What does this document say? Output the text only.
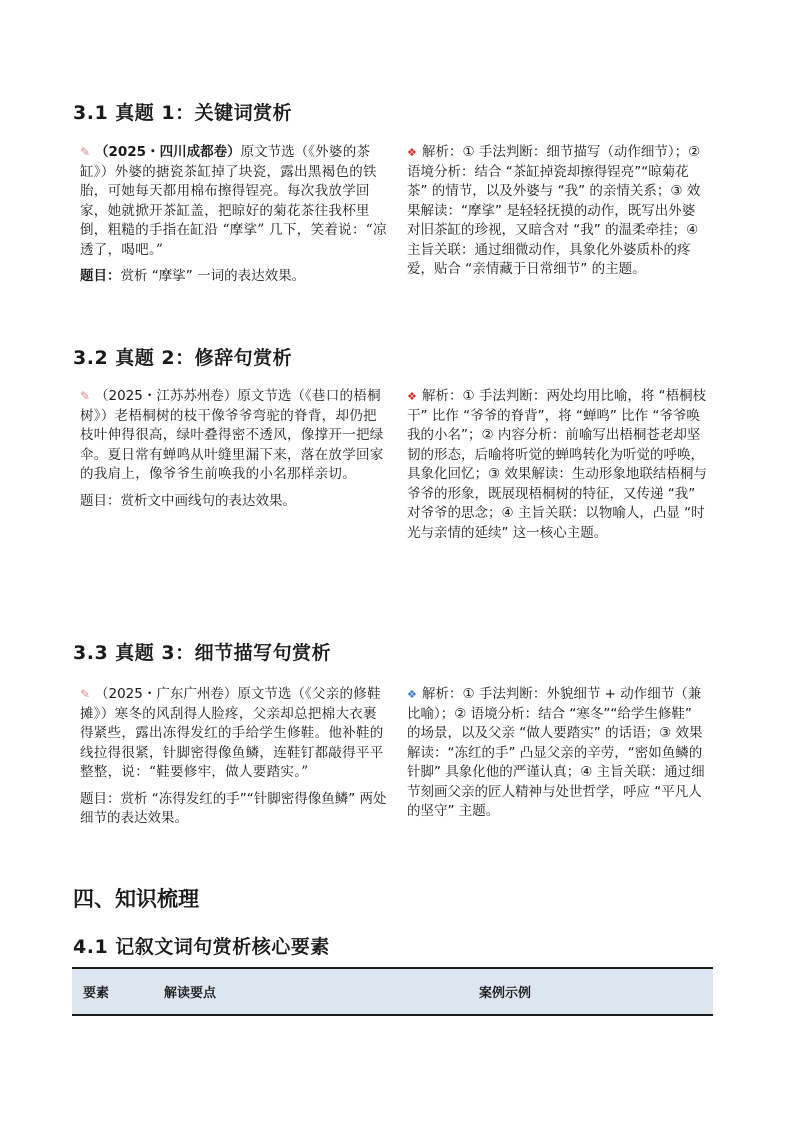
3.1 真题 1：关键词赏析
✎ （2025・四川成都卷）原文节选（《外婆的茶缸》）外婆的搪瓷茶缸掉了块瓷，露出黑褐色的铁胎，可她每天都用棉布擦得锃亮。每次我放学回家，她就掀开茶缸盖，把晾好的菊花茶往我杯里倒，粗糙的手指在缸沿 “摩挲” 几下，笑着说：“凉透了，喝吧。”
题目：赏析 “摩挲” 一词的表达效果。
❖ 解析：① 手法判断：细节描写（动作细节）；② 语境分析：结合 “茶缸掉瓷却擦得锃亮”“晾菊花茶” 的情节，以及外婆与 “我” 的亲情关系；③ 效果解读：“摩挲” 是轻轻抚摸的动作，既写出外婆对旧茶缸的珍视，又暗含对 “我” 的温柔牵挂；④ 主旨关联：通过细微动作，具象化外婆质朴的疼爱，贴合 “亲情藏于日常细节” 的主题。
3.2 真题 2：修辞句赏析
✎ （2025・江苏苏州卷）原文节选（《巷口的梧桐树》）老梧桐树的枝干像爷爷弯驼的脊背，却仍把枝叶伸得很高，绿叶叠得密不透风，像撑开一把绿伞。夏日常有蝉鸣从叶缝里漏下来，落在放学回家的我肩上，像爷爷生前唤我的小名那样亲切。
题目：赏析文中画线句的表达效果。
❖ 解析：① 手法判断：两处均用比喻，将 “梧桐枝干” 比作 “爷爷的脊背”，将 “蝉鸣” 比作 “爷爷唤我的小名”；② 内容分析：前喻写出梧桐苍老却坚韧的形态，后喻将听觉的蝉鸣转化为听觉的呼唤，具象化回忆；③ 效果解读：生动形象地联结梧桐与爷爷的形象，既展现梧桐树的特征，又传递 “我” 对爷爷的思念；④ 主旨关联：以物喻人，凸显 “时光与亲情的延续” 这一核心主题。
3.3 真题 3：细节描写句赏析
✎ （2025・广东广州卷）原文节选（《父亲的修鞋摊》）寒冬的风刮得人脸疼，父亲却总把棉大衣裹得紧些，露出冻得发红的手给学生修鞋。他补鞋的线拉得很紧，针脚密得像鱼鳞，连鞋钉都敲得平平整整，说：“鞋要修牢，做人要踏实。”
题目：赏析 “冻得发红的手”“针脚密得像鱼鳞” 两处细节的表达效果。
❖ 解析：① 手法判断：外貌细节 + 动作细节（兼比喻）；② 语境分析：结合 “寒冬”“给学生修鞋” 的场景，以及父亲 “做人要踏实” 的话语；③ 效果解读：“冻红的手” 凸显父亲的辛劳，“密如鱼鳞的针脚” 具象化他的严谨认真；④ 主旨关联：通过细节刻画父亲的匠人精神与处世哲学，呼应 “平凡人的坚守” 主题。
四、知识梳理
4.1 记叙文词句赏析核心要素
要素	解读要点	案例示例
